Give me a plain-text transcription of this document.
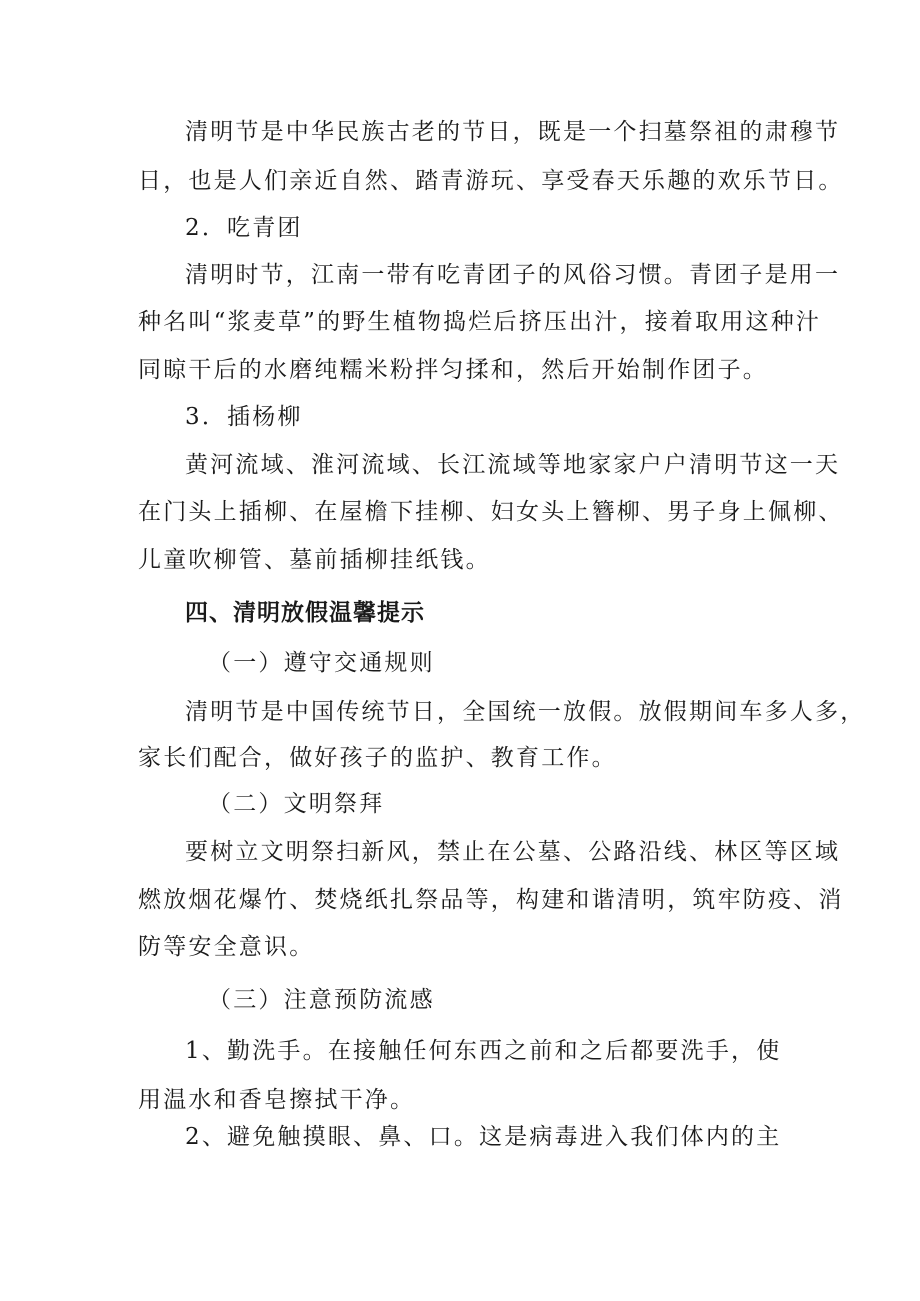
清明节是中华民族古老的节日，既是一个扫墓祭祖的肃穆节
日，也是人们亲近自然、踏青游玩、享受春天乐趣的欢乐节日。
2．吃青团
清明时节，江南一带有吃青团子的风俗习惯。青团子是用一
种名叫“浆麦草”的野生植物捣烂后挤压出汁，接着取用这种汁
同晾干后的水磨纯糯米粉拌匀揉和，然后开始制作团子。
3．插杨柳
黄河流域、淮河流域、长江流域等地家家户户清明节这一天
在门头上插柳、在屋檐下挂柳、妇女头上簪柳、男子身上佩柳、
儿童吹柳管、墓前插柳挂纸钱。
四、清明放假温馨提示
（一）遵守交通规则
清明节是中国传统节日，全国统一放假。放假期间车多人多，
家长们配合，做好孩子的监护、教育工作。
（二）文明祭拜
要树立文明祭扫新风，禁止在公墓、公路沿线、林区等区域
燃放烟花爆竹、焚烧纸扎祭品等，构建和谐清明，筑牢防疫、消
防等安全意识。
（三）注意预防流感
1、勤洗手。在接触任何东西之前和之后都要洗手，使
用温水和香皂擦拭干净。
2、避免触摸眼、鼻、口。这是病毒进入我们体内的主
